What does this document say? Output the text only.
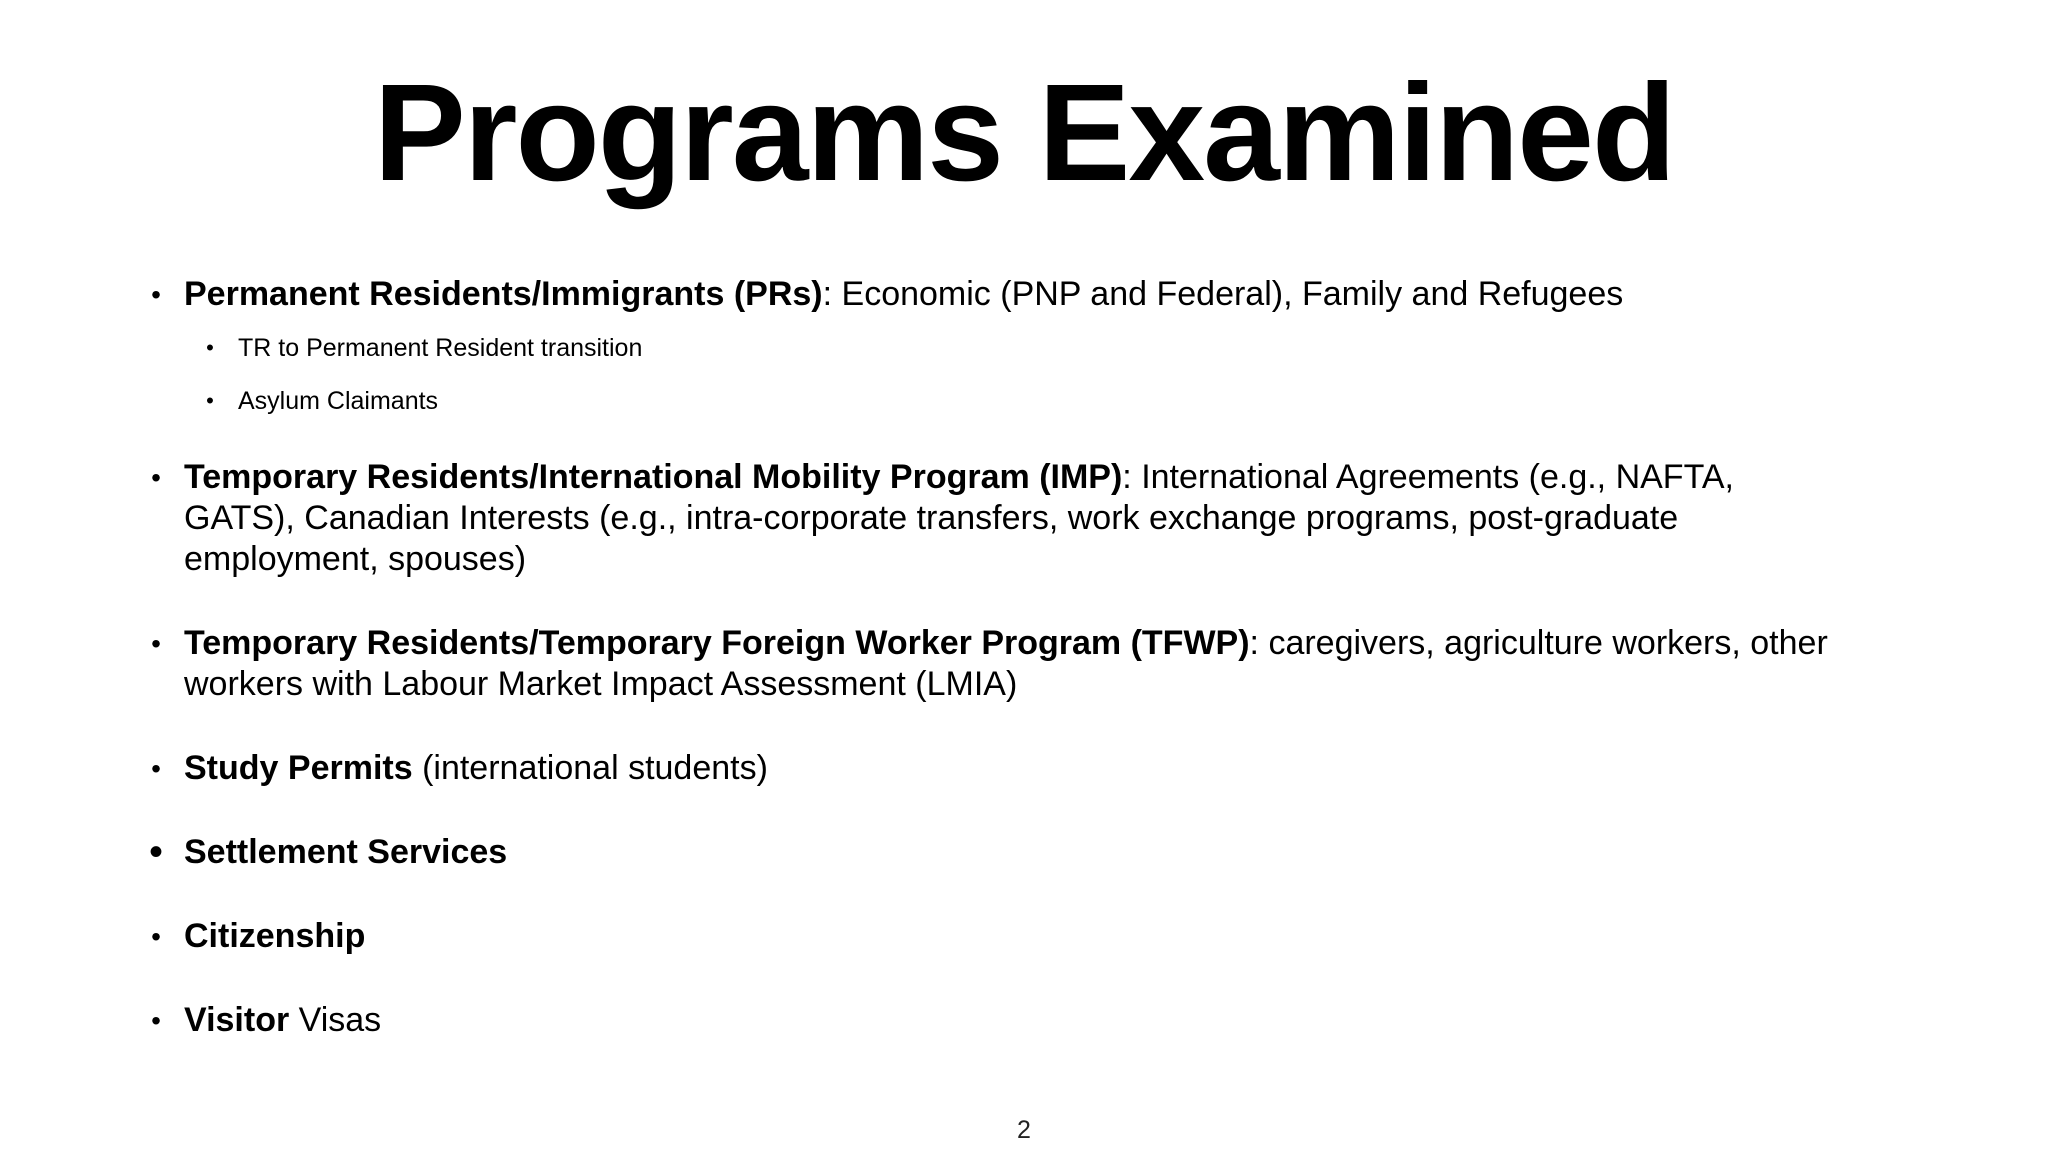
Programs Examined
• Permanent Residents/Immigrants (PRs): Economic (PNP and Federal), Family and Refugees
• TR to Permanent Resident transition
• Asylum Claimants
• Temporary Residents/International Mobility Program (IMP): International Agreements (e.g., NAFTA, GATS), Canadian Interests (e.g., intra-corporate transfers, work exchange programs, post-graduate employment, spouses)
• Temporary Residents/Temporary Foreign Worker Program (TFWP): caregivers, agriculture workers, other workers with Labour Market Impact Assessment (LMIA)
• Study Permits (international students)
• Settlement Services
• Citizenship
• Visitor Visas
2
